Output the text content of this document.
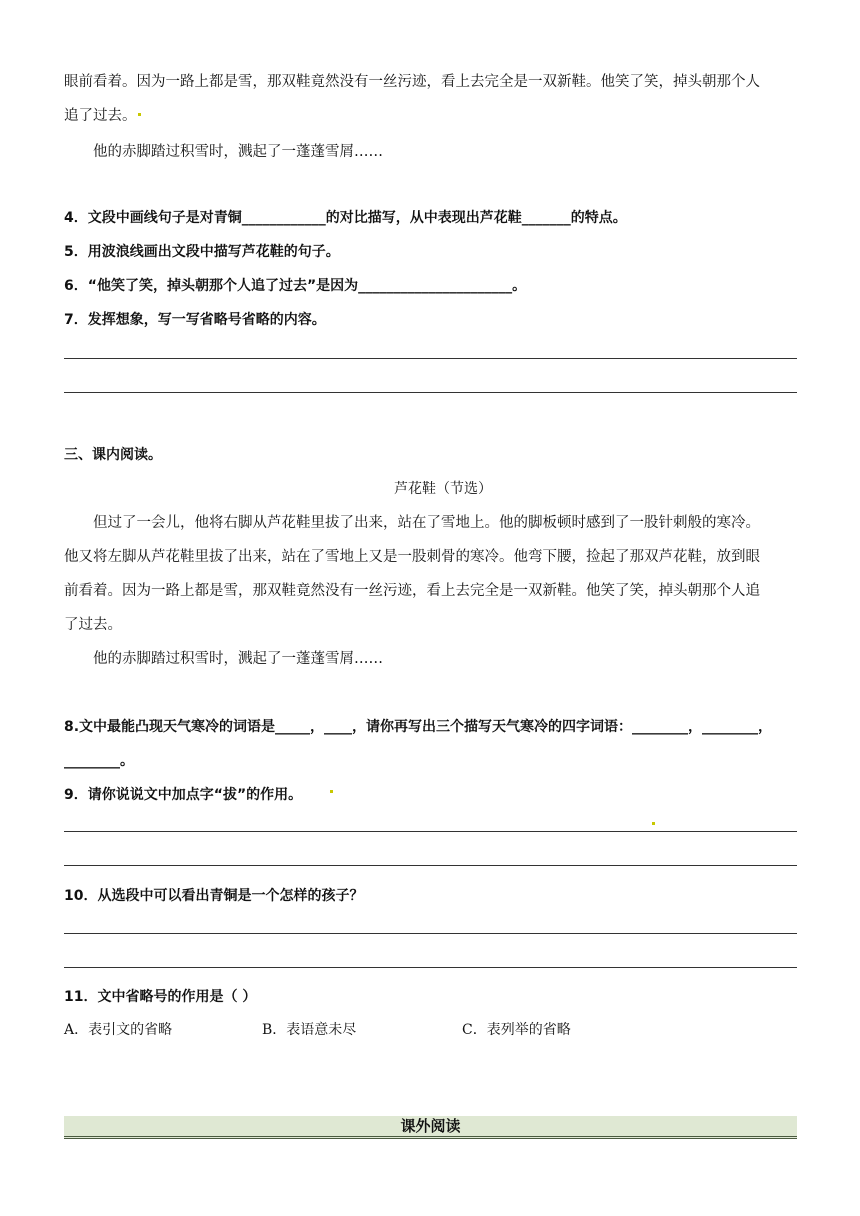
眼前看着。因为一路上都是雪，那双鞋竟然没有一丝污迹，看上去完全是一双新鞋。他笑了笑，掉头朝那个人
追了过去。
他的赤脚踏过积雪时，溅起了一蓬蓬雪屑……
4．文段中画线句子是对青铜____________的对比描写，从中表现出芦花鞋_______的特点。
5．用波浪线画出文段中描写芦花鞋的句子。
6．“他笑了笑，掉头朝那个人追了过去”是因为______________________。
7．发挥想象，写一写省略号省略的内容。
三、课内阅读。
芦花鞋（节选）
但过了一会儿，他将右脚从芦花鞋里拔了出来，站在了雪地上。他的脚板顿时感到了一股针刺般的寒冷。
他又将左脚从芦花鞋里拔了出来，站在了雪地上又是一股刺骨的寒冷。他弯下腰，捡起了那双芦花鞋，放到眼
前看着。因为一路上都是雪，那双鞋竟然没有一丝污迹，看上去完全是一双新鞋。他笑了笑，掉头朝那个人追
了过去。
他的赤脚踏过积雪时，溅起了一蓬蓬雪屑……
8.文中最能凸现天气寒冷的词语是_____，____，请你再写出三个描写天气寒冷的四字词语：________，________，
________。
9．请你说说文中加点字“拔”的作用。
10．从选段中可以看出青铜是一个怎样的孩子？
11．文中省略号的作用是（ ）
A．表引文的省略	B．表语意未尽	C．表列举的省略
课外阅读
